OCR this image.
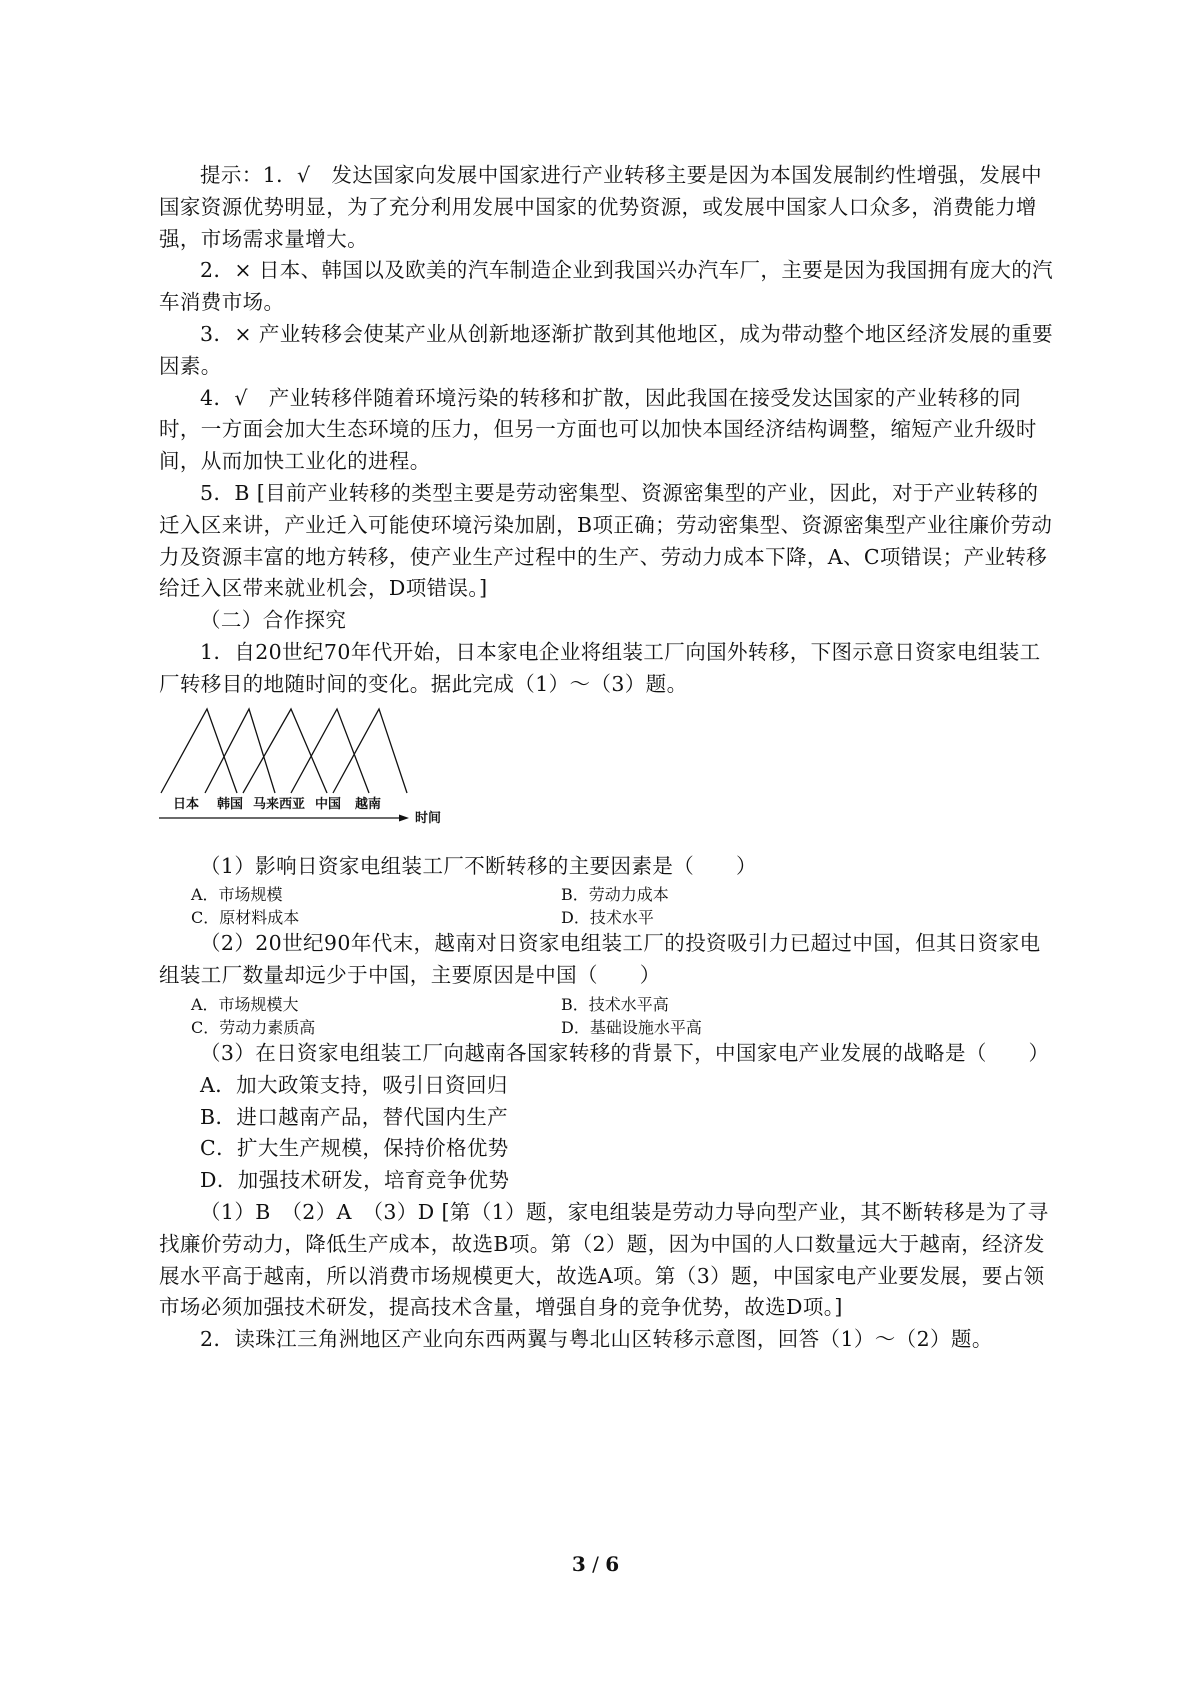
提示：1．√　发达国家向发展中国家进行产业转移主要是因为本国发展制约性增强，发展中国家资源优势明显，为了充分利用发展中国家的优势资源，或发展中国家人口众多，消费能力增强，市场需求量增大。

2．× 日本、韩国以及欧美的汽车制造企业到我国兴办汽车厂，主要是因为我国拥有庞大的汽车消费市场。

3．× 产业转移会使某产业从创新地逐渐扩散到其他地区，成为带动整个地区经济发展的重要因素。

4．√　产业转移伴随着环境污染的转移和扩散，因此我国在接受发达国家的产业转移的同时，一方面会加大生态环境的压力，但另一方面也可以加快本国经济结构调整，缩短产业升级时间，从而加快工业化的进程。

5．B [目前产业转移的类型主要是劳动密集型、资源密集型的产业，因此，对于产业转移的迁入区来讲，产业迁入可能使环境污染加剧，B项正确；劳动密集型、资源密集型产业往廉价劳动力及资源丰富的地方转移，使产业生产过程中的生产、劳动力成本下降，A、C项错误；产业转移给迁入区带来就业机会，D项错误。]

（二）合作探究

1．自20世纪70年代开始，日本家电企业将组装工厂向国外转移，下图示意日资家电组装工厂转移目的地随时间的变化。据此完成（1）～（3）题。

日本 韩国 马来西亚 中国 越南
时间

（1）影响日资家电组装工厂不断转移的主要因素是（　　）

A．市场规模	B．劳动力成本
C．原材料成本	D．技术水平

（2）20世纪90年代末，越南对日资家电组装工厂的投资吸引力已超过中国，但其日资家电组装工厂数量却远少于中国，主要原因是中国（　　）

A．市场规模大	B．技术水平高
C．劳动力素质高	D．基础设施水平高

（3）在日资家电组装工厂向越南各国家转移的背景下，中国家电产业发展的战略是（　　）

A．加大政策支持，吸引日资回归

B．进口越南产品，替代国内生产

C．扩大生产规模，保持价格优势

D．加强技术研发，培育竞争优势

（1）B　（2）A　（3）D [第（1）题，家电组装是劳动力导向型产业，其不断转移是为了寻找廉价劳动力，降低生产成本，故选B项。第（2）题，因为中国的人口数量远大于越南，经济发展水平高于越南，所以消费市场规模更大，故选A项。第（3）题，中国家电产业要发展，要占领市场必须加强技术研发，提高技术含量，增强自身的竞争优势，故选D项。]

2．读珠江三角洲地区产业向东西两翼与粤北山区转移示意图，回答（1）～（2）题。

3 / 6
